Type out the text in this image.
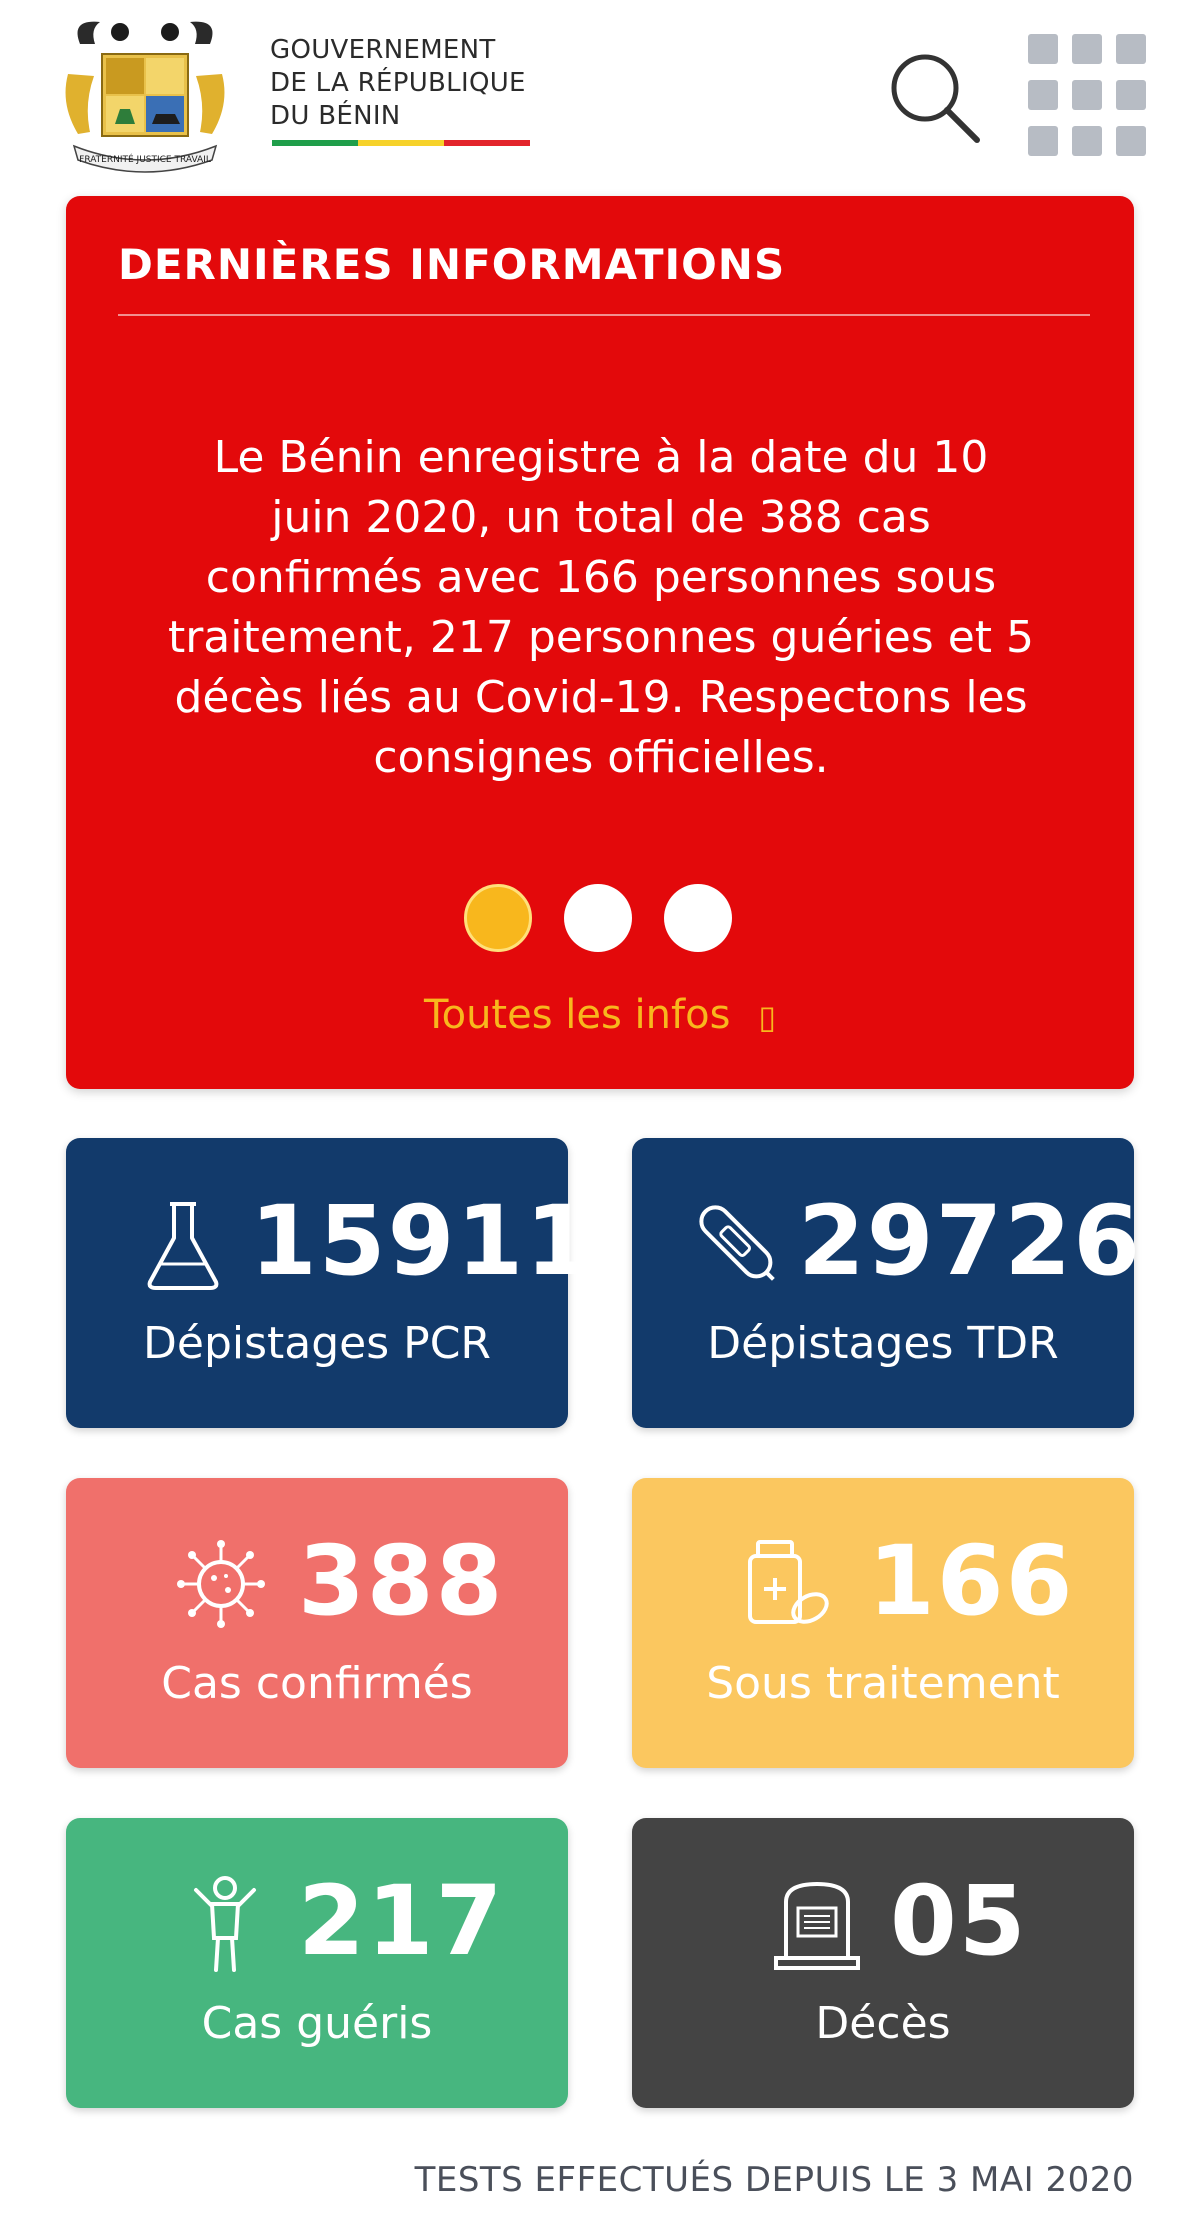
FRATERNITÉ JUSTICE TRAVAIL
GOUVERNEMENT
DE LA RÉPUBLIQUE
DU BÉNIN
DERNIÈRES INFORMATIONS
Le Bénin enregistre à la date du 10
juin 2020, un total de 388 cas
confirmés avec 166 personnes sous
traitement, 217 personnes guéries et 5
décès liés au Covid-19. Respectons les
consignes officielles.
Toutes les infos ▯
15911
Dépistages PCR
29726
Dépistages TDR
388
Cas confirmés
166
Sous traitement
217
Cas guéris
05
Décès
TESTS EFFECTUÉS DEPUIS LE 3 MAI 2020
